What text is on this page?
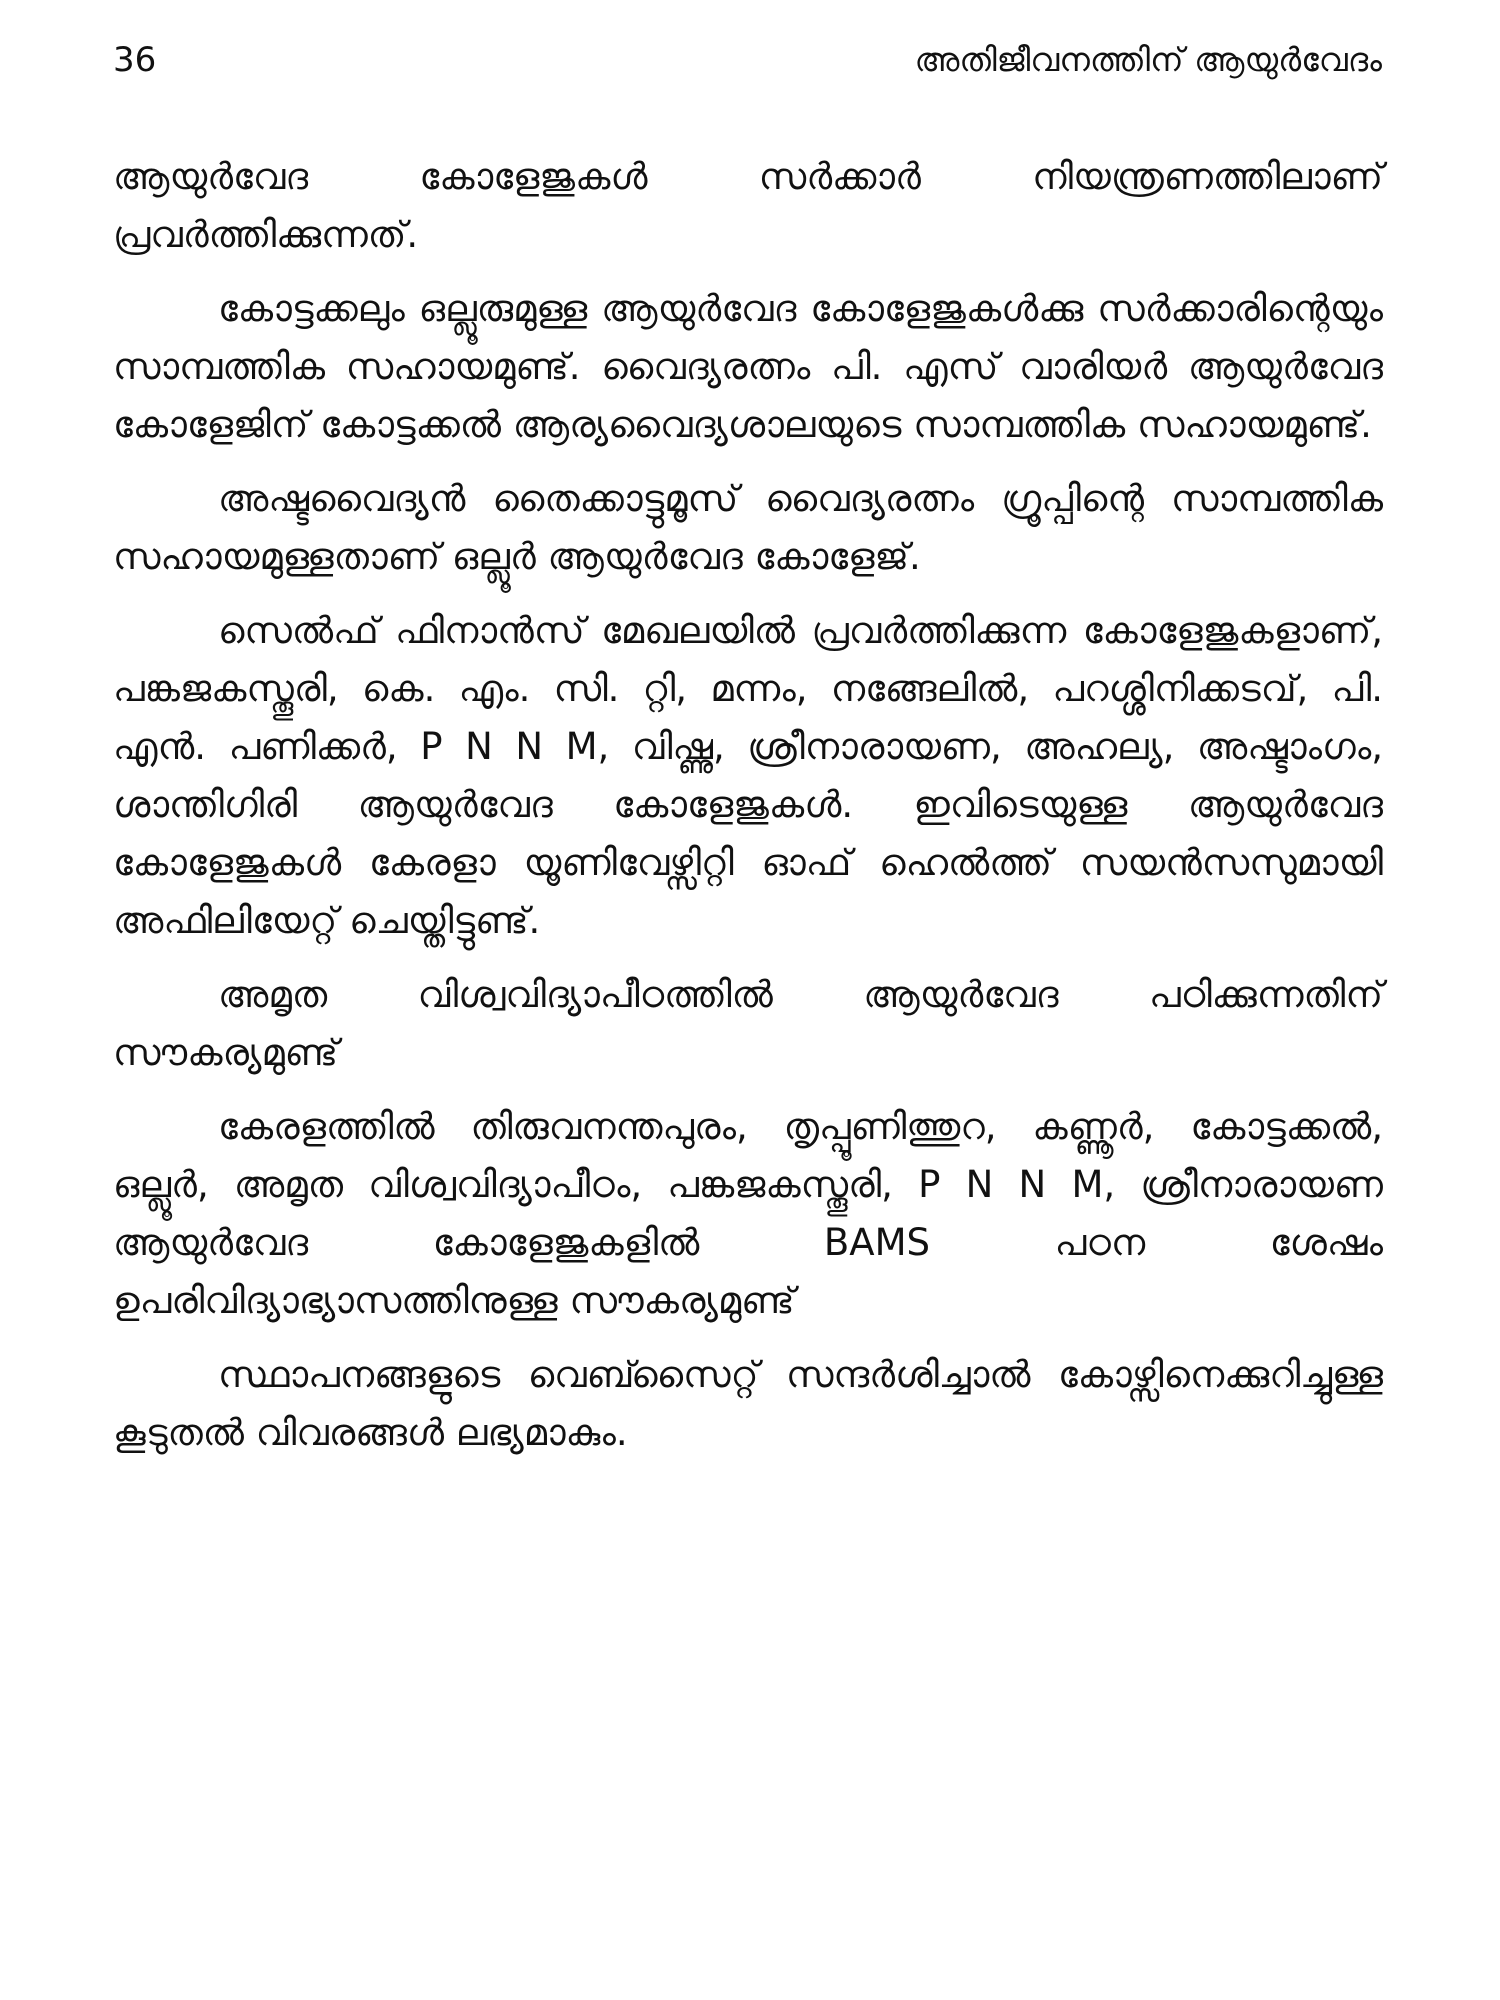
36	അതിജീവനത്തിന് ആയുർവേദം

ആയുർവേദ കോളേജുകൾ സർക്കാർ നിയന്ത്രണത്തിലാണ് പ്രവർത്തിക്കുന്നത്.

കോട്ടക്കലും ഒല്ലൂരുമുള്ള ആയുർവേദ കോളേജുകൾക്കു സർക്കാരിന്റെയും സാമ്പത്തിക സഹായമുണ്ട്. വൈദ്യരത്നം പി. എസ് വാരിയർ ആയുർവേദ കോളേജിന് കോട്ടക്കൽ ആര്യവൈദ്യശാലയുടെ സാമ്പത്തിക സഹായമുണ്ട്.

അഷ്ടവൈദ്യൻ തൈക്കാട്ടുമൂസ് വൈദ്യരത്നം ഗ്രൂപ്പിന്റെ സാമ്പത്തിക സഹായമുള്ളതാണ് ഒല്ലൂർ ആയുർവേദ കോളേജ്.

സെൽഫ് ഫിനാൻസ് മേഖലയിൽ പ്രവർത്തിക്കുന്ന കോളേജുകളാണ്, പങ്കജകസ്തൂരി, കെ. എം. സി. റ്റി, മന്നം, നങ്ങേലിൽ, പറശ്ശിനിക്കടവ്, പി. എൻ. പണിക്കർ, P N N M, വിഷ്ണു, ശ്രീനാരായണ, അഹല്യ, അഷ്ടാംഗം, ശാന്തിഗിരി ആയുർവേദ കോളേജുകൾ. ഇവിടെയുള്ള ആയുർവേദ കോളേജുകൾ കേരളാ യൂണിവേഴ്സിറ്റി ഓഫ് ഹെൽത്ത് സയൻസസുമായി അഫിലിയേറ്റ് ചെയ്തിട്ടുണ്ട്.

അമൃത വിശ്വവിദ്യാപീഠത്തിൽ ആയുർവേദ പഠിക്കുന്നതിന് സൗകര്യമുണ്ട്

കേരളത്തിൽ തിരുവനന്തപുരം, തൃപ്പൂണിത്തുറ, കണ്ണൂർ, കോട്ടക്കൽ, ഒല്ലൂർ, അമൃത വിശ്വവിദ്യാപീഠം, പങ്കജകസ്തൂരി, P N N M, ശ്രീനാരായണ ആയുർവേദ കോളേജുകളിൽ BAMS പഠന ശേഷം ഉപരിവിദ്യാഭ്യാസത്തിനുള്ള സൗകര്യമുണ്ട്

സ്ഥാപനങ്ങളുടെ വെബ്സൈറ്റ് സന്ദർശിച്ചാൽ കോഴ്സിനെക്കുറിച്ചുള്ള കൂടുതൽ വിവരങ്ങൾ ലഭ്യമാകും.
